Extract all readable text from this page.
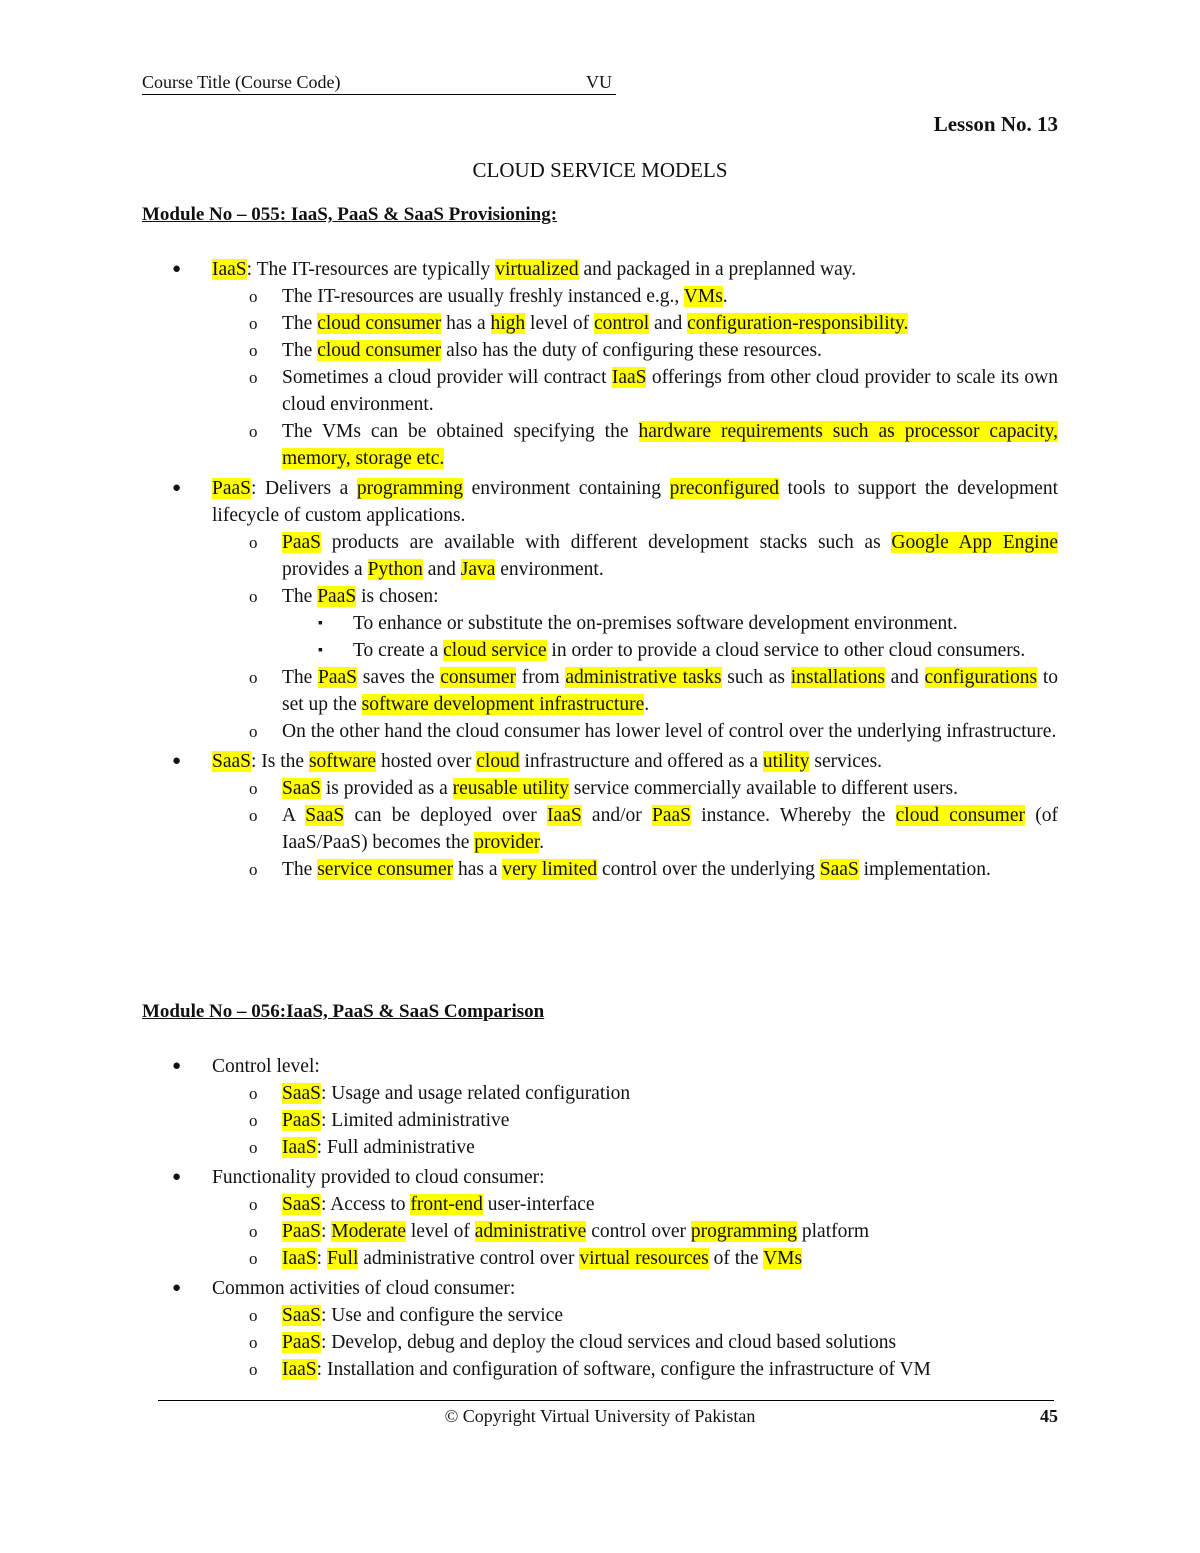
Course Title (Course Code)	VU
Lesson No. 13
CLOUD SERVICE MODELS
Module No – 055: IaaS, PaaS & SaaS Provisioning:
● IaaS: The IT-resources are typically virtualized and packaged in a preplanned way.
o The IT-resources are usually freshly instanced e.g., VMs.
o The cloud consumer has a high level of control and configuration-responsibility.
o The cloud consumer also has the duty of configuring these resources.
o Sometimes a cloud provider will contract IaaS offerings from other cloud provider to scale its own cloud environment.
o The VMs can be obtained specifying the hardware requirements such as processor capacity, memory, storage etc.
● PaaS: Delivers a programming environment containing preconfigured tools to support the development lifecycle of custom applications.
o PaaS products are available with different development stacks such as Google App Engine provides a Python and Java environment.
o The PaaS is chosen:
▪ To enhance or substitute the on-premises software development environment.
▪ To create a cloud service in order to provide a cloud service to other cloud consumers.
o The PaaS saves the consumer from administrative tasks such as installations and configurations to set up the software development infrastructure.
o On the other hand the cloud consumer has lower level of control over the underlying infrastructure.
● SaaS: Is the software hosted over cloud infrastructure and offered as a utility services.
o SaaS is provided as a reusable utility service commercially available to different users.
o A SaaS can be deployed over IaaS and/or PaaS instance. Whereby the cloud consumer (of IaaS/PaaS) becomes the provider.
o The service consumer has a very limited control over the underlying SaaS implementation.
Module No – 056:IaaS, PaaS & SaaS Comparison
● Control level:
o SaaS: Usage and usage related configuration
o PaaS: Limited administrative
o IaaS: Full administrative
● Functionality provided to cloud consumer:
o SaaS: Access to front-end user-interface
o PaaS: Moderate level of administrative control over programming platform
o IaaS: Full administrative control over virtual resources of the VMs
● Common activities of cloud consumer:
o SaaS: Use and configure the service
o PaaS: Develop, debug and deploy the cloud services and cloud based solutions
o IaaS: Installation and configuration of software, configure the infrastructure of VM
© Copyright Virtual University of Pakistan	45
